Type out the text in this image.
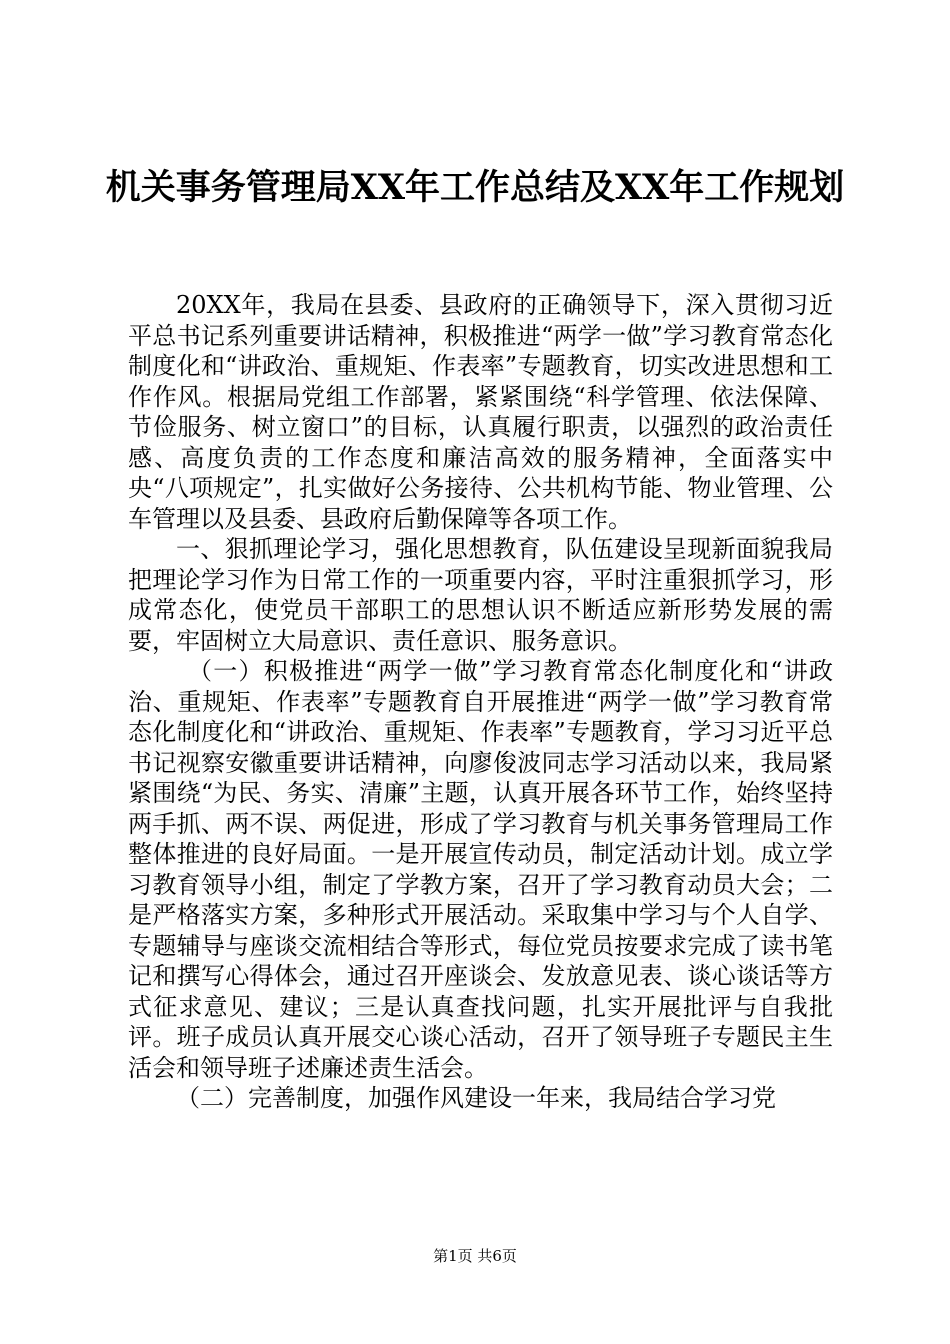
机关事务管理局XX年工作总结及XX年工作规划

20XX年，我局在县委、县政府的正确领导下，深入贯彻习近平总书记系列重要讲话精神，积极推进“两学一做”学习教育常态化制度化和“讲政治、重规矩、作表率”专题教育，切实改进思想和工作作风。根据局党组工作部署，紧紧围绕“科学管理、依法保障、节俭服务、树立窗口”的目标，认真履行职责，以强烈的政治责任感、高度负责的工作态度和廉洁高效的服务精神，全面落实中央“八项规定”，扎实做好公务接待、公共机构节能、物业管理、公车管理以及县委、县政府后勤保障等各项工作。

一、狠抓理论学习，强化思想教育，队伍建设呈现新面貌我局把理论学习作为日常工作的一项重要内容，平时注重狠抓学习，形成常态化，使党员干部职工的思想认识不断适应新形势发展的需要，牢固树立大局意识、责任意识、服务意识。

（一）积极推进“两学一做”学习教育常态化制度化和“讲政治、重规矩、作表率”专题教育自开展推进“两学一做”学习教育常态化制度化和“讲政治、重规矩、作表率”专题教育，学习习近平总书记视察安徽重要讲话精神，向廖俊波同志学习活动以来，我局紧紧围绕“为民、务实、清廉”主题，认真开展各环节工作，始终坚持两手抓、两不误、两促进，形成了学习教育与机关事务管理局工作整体推进的良好局面。一是开展宣传动员，制定活动计划。成立学习教育领导小组，制定了学教方案，召开了学习教育动员大会；二是严格落实方案，多种形式开展活动。采取集中学习与个人自学、专题辅导与座谈交流相结合等形式，每位党员按要求完成了读书笔记和撰写心得体会，通过召开座谈会、发放意见表、谈心谈话等方式征求意见、建议；三是认真查找问题，扎实开展批评与自我批评。班子成员认真开展交心谈心活动，召开了领导班子专题民主生活会和领导班子述廉述责生活会。

（二）完善制度，加强作风建设一年来，我局结合学习党

第1页 共6页
